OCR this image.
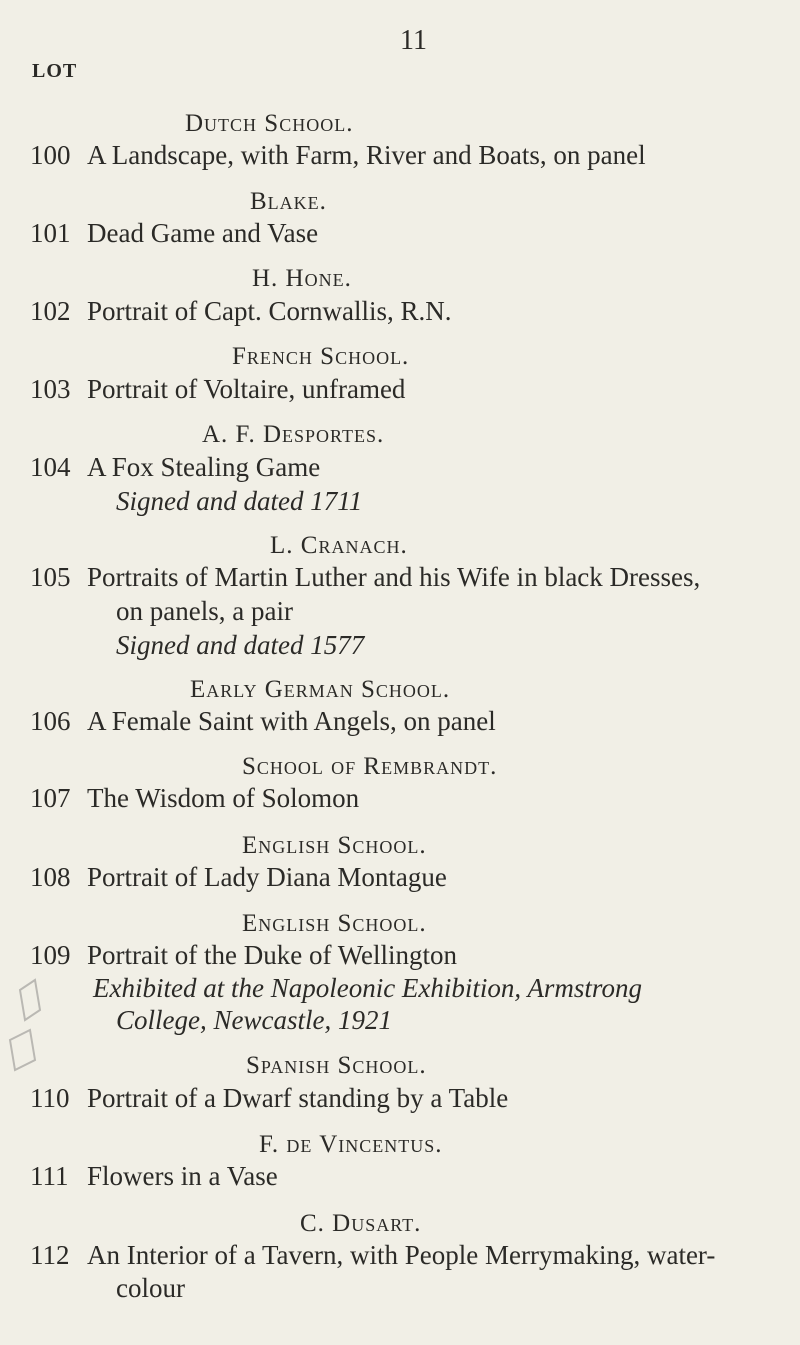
11
LOT
Dutch School.
100 A Landscape, with Farm, River and Boats, on panel
Blake.
101 Dead Game and Vase
H. Hone.
102 Portrait of Capt. Cornwallis, R.N.
French School.
103 Portrait of Voltaire, unframed
A. F. Desportes.
104 A Fox Stealing Game
Signed and dated 1711
L. Cranach.
105 Portraits of Martin Luther and his Wife in black Dresses,
on panels, a pair
Signed and dated 1577
Early German School.
106 A Female Saint with Angels, on panel
School of Rembrandt.
107 The Wisdom of Solomon
English School.
108 Portrait of Lady Diana Montague
English School.
109 Portrait of the Duke of Wellington
Exhibited at the Napoleonic Exhibition, Armstrong
College, Newcastle, 1921
Spanish School.
110 Portrait of a Dwarf standing by a Table
F. de Vincentus.
111 Flowers in a Vase
C. Dusart.
112 An Interior of a Tavern, with People Merrymaking, water-
colour
